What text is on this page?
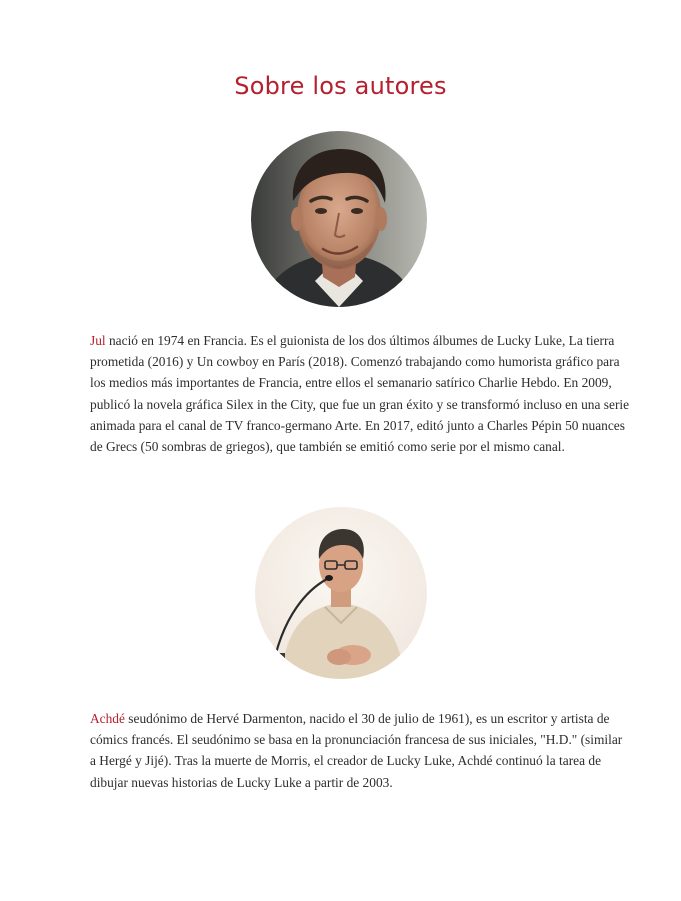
Sobre los autores

Jul nació en 1974 en Francia. Es el guionista de los dos últimos álbumes de Lucky Luke, La tierra prometida (2016) y Un cowboy en París (2018). Comenzó trabajando como humorista gráfico para los medios más importantes de Francia, entre ellos el semanario satírico Charlie Hebdo. En 2009, publicó la novela gráfica Silex in the City, que fue un gran éxito y se transformó incluso en una serie animada para el canal de TV franco-germano Arte. En 2017, editó junto a Charles Pépin 50 nuances de Grecs (50 sombras de griegos), que también se emitió como serie por el mismo canal.

Achdé seudónimo de Hervé Darmenton, nacido el 30 de julio de 1961), es un escritor y artista de cómics francés. El seudónimo se basa en la pronunciación francesa de sus iniciales, "H.D." (similar a Hergé y Jijé). Tras la muerte de Morris, el creador de Lucky Luke, Achdé continuó la tarea de dibujar nuevas historias de Lucky Luke a partir de 2003.
